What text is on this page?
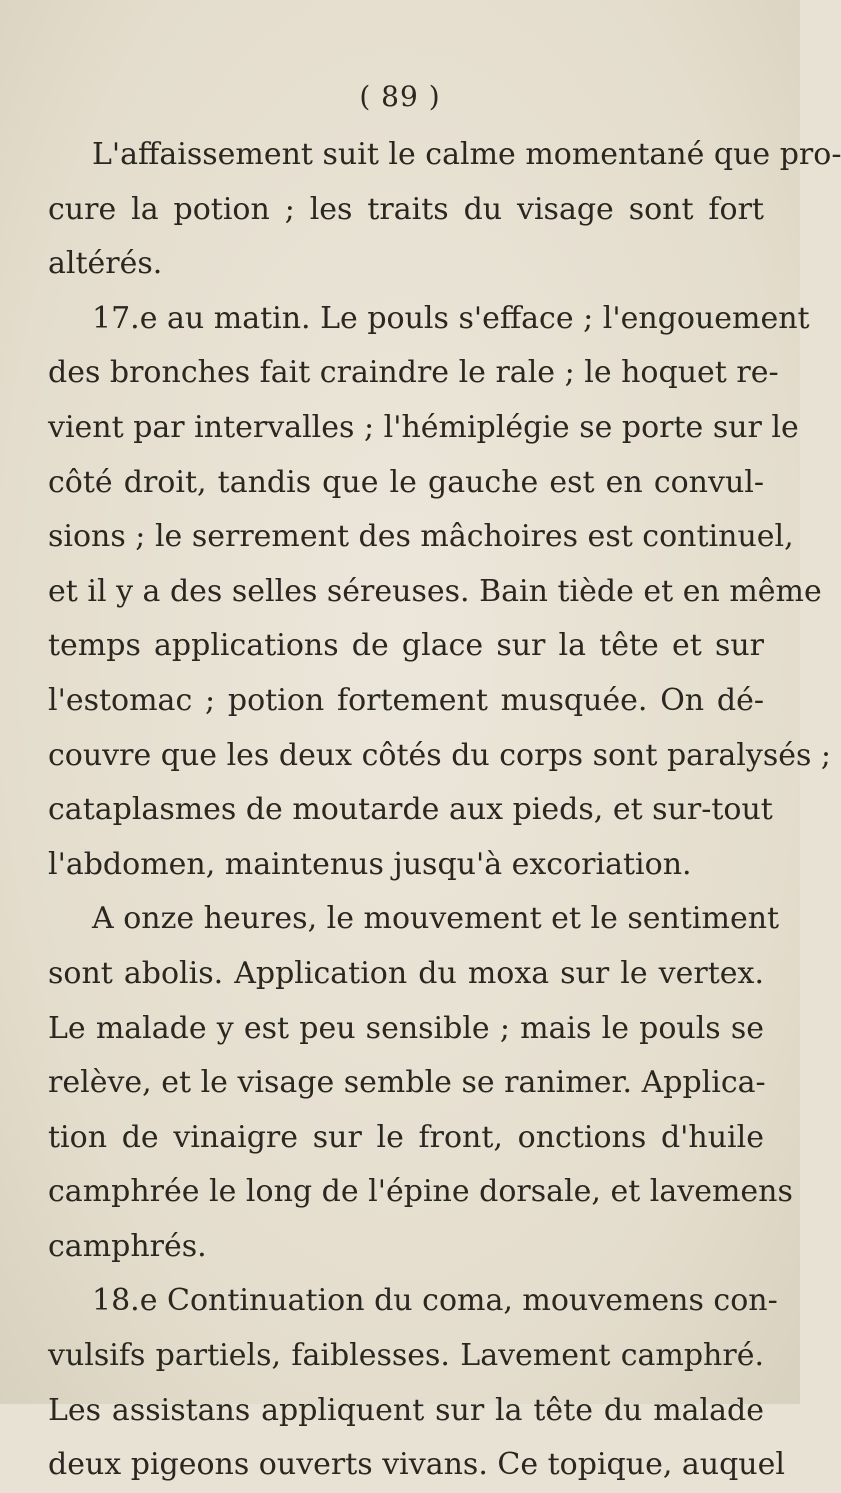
( 89 )
L'affaissement suit le calme momentané que pro-
cure la potion ; les traits du visage sont fort
altérés.
17.e au matin. Le pouls s'efface ; l'engouement
des bronches fait craindre le rale ; le hoquet re-
vient par intervalles ; l'hémiplégie se porte sur le
côté droit, tandis que le gauche est en convul-
sions ; le serrement des mâchoires est continuel,
et il y a des selles séreuses. Bain tiède et en même
temps applications de glace sur la tête et sur
l'estomac ; potion fortement musquée. On dé-
couvre que les deux côtés du corps sont paralysés ;
cataplasmes de moutarde aux pieds, et sur-tout
l'abdomen, maintenus jusqu'à excoriation.
A onze heures, le mouvement et le sentiment
sont abolis. Application du moxa sur le vertex.
Le malade y est peu sensible ; mais le pouls se
relève, et le visage semble se ranimer. Applica-
tion de vinaigre sur le front, onctions d'huile
camphrée le long de l'épine dorsale, et lavemens
camphrés.
18.e Continuation du coma, mouvemens con-
vulsifs partiels, faiblesses. Lavement camphré.
Les assistans appliquent sur la tête du malade
deux pigeons ouverts vivans. Ce topique, auquel
